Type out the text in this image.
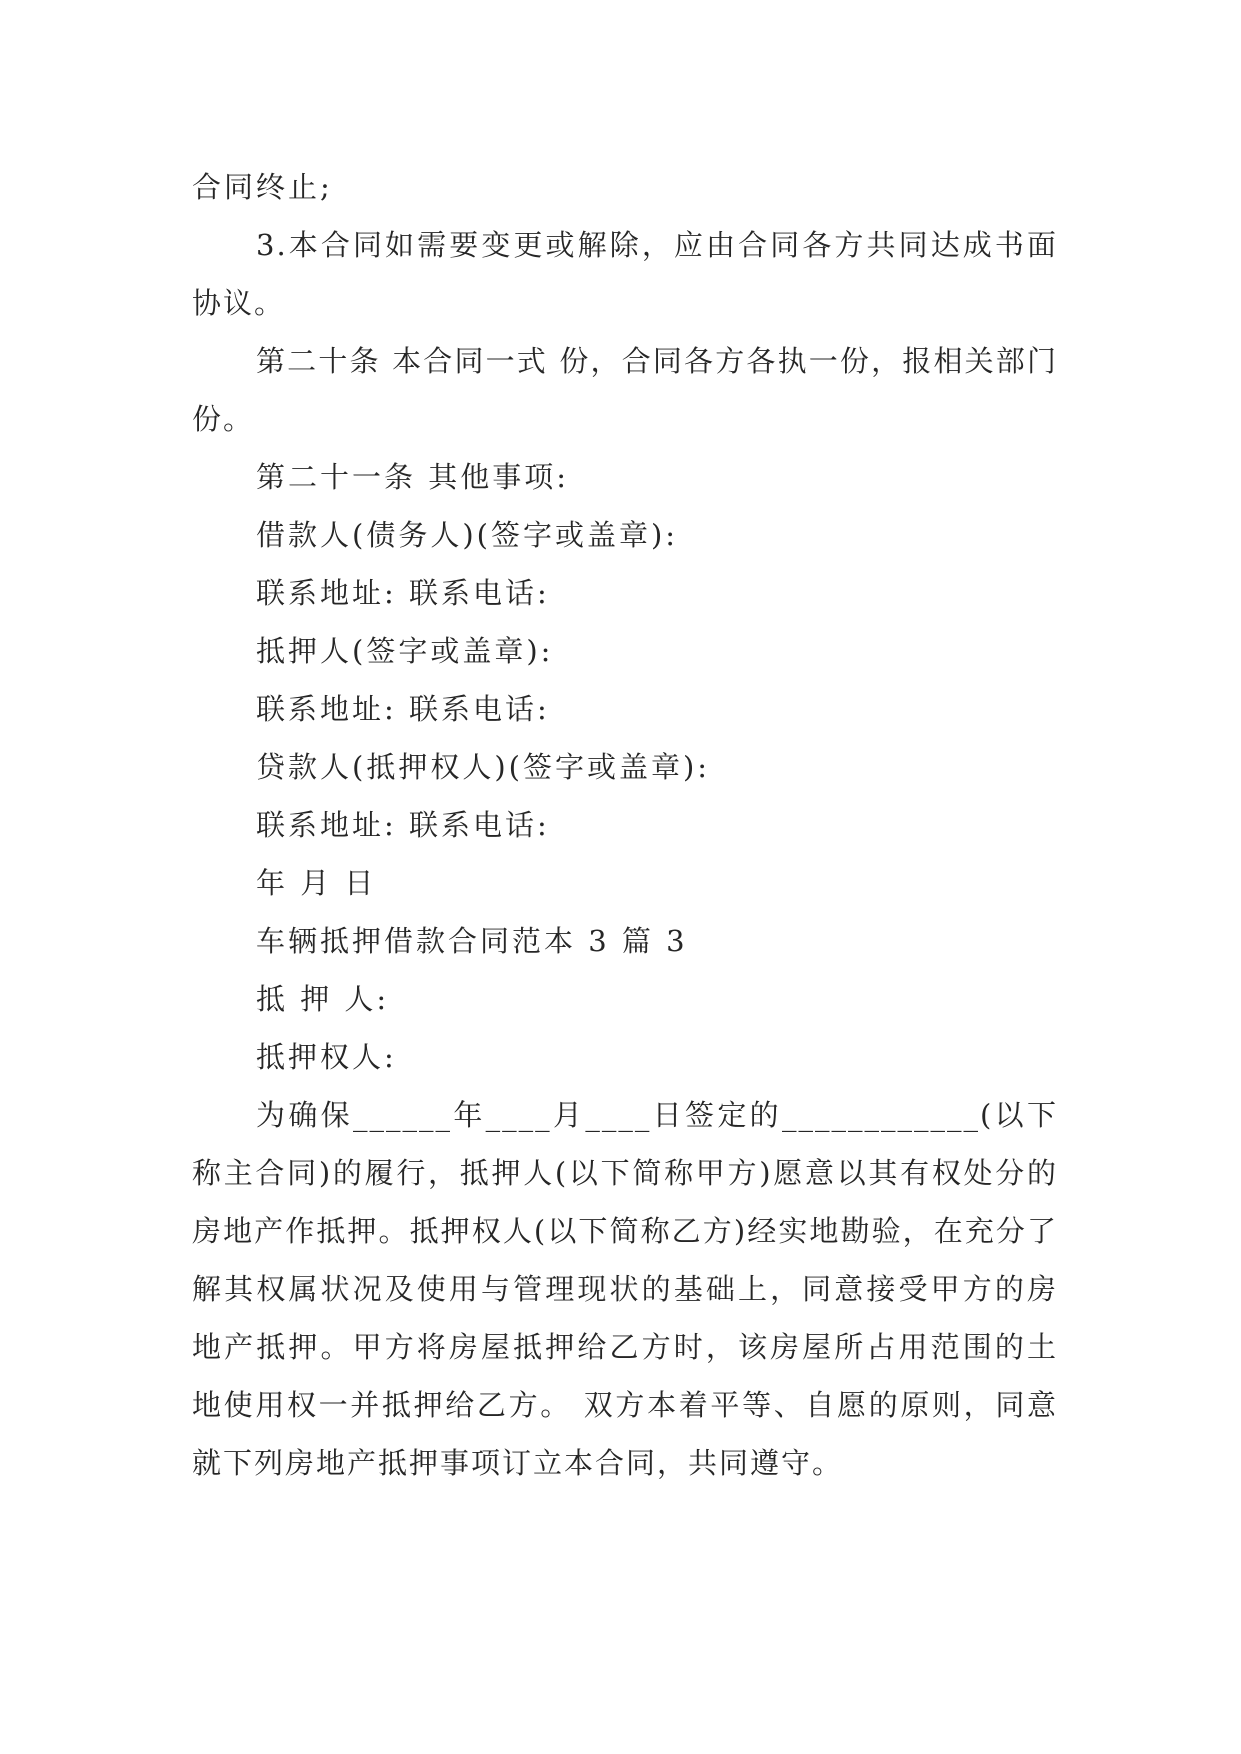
合同终止;
3.本合同如需要变更或解除，应由合同各方共同达成书面协议。
第二十条 本合同一式 份，合同各方各执一份，报相关部门 份。
第二十一条 其他事项:
借款人(债务人)(签字或盖章):
联系地址: 联系电话:
抵押人(签字或盖章):
联系地址: 联系电话:
贷款人(抵押权人)(签字或盖章):
联系地址: 联系电话:
年 月 日
车辆抵押借款合同范本 3 篇 3
抵 押 人:
抵押权人:
为确保______年____月____日签定的____________(以下称主合同)的履行，抵押人(以下简称甲方)愿意以其有权处分的房地产作抵押。抵押权人(以下简称乙方)经实地勘验，在充分了解其权属状况及使用与管理现状的基础上，同意接受甲方的房地产抵押。甲方将房屋抵押给乙方时，该房屋所占用范围的土地使用权一并抵押给乙方。 双方本着平等、自愿的原则，同意就下列房地产抵押事项订立本合同，共同遵守。
